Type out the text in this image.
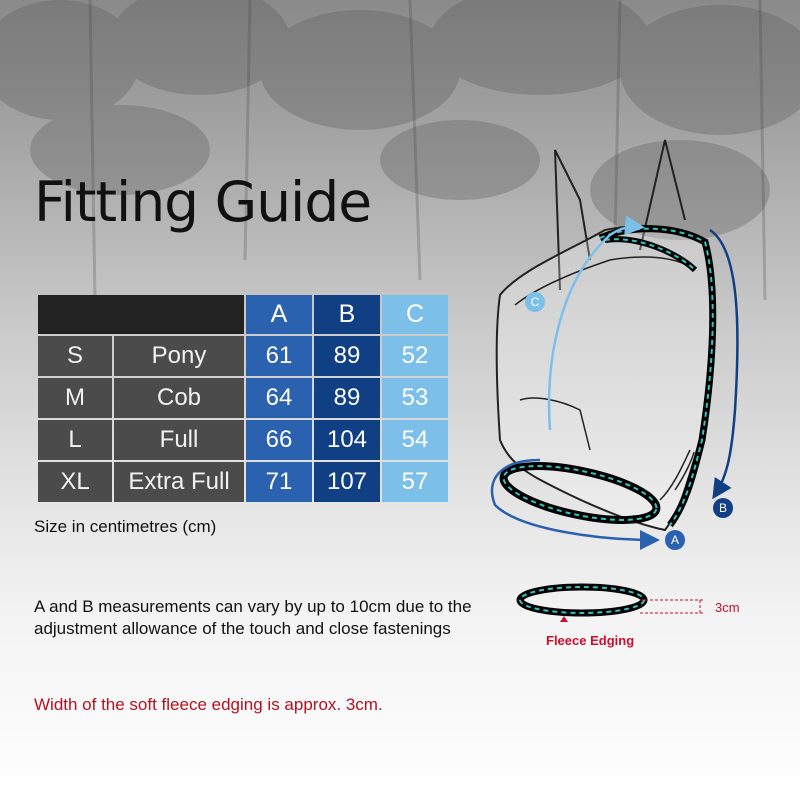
Fitting Guide
		A	B	C
S	Pony	61	89	52
M	Cob	64	89	53
L	Full	66	104	54
XL	Extra Full	71	107	57
Size in centimetres (cm)
A and B measurements can vary by up to 10cm due to the adjustment allowance of the touch and close fastenings
Width of the soft fleece edging is approx. 3cm.
C
B
A
3cm
Fleece Edging
